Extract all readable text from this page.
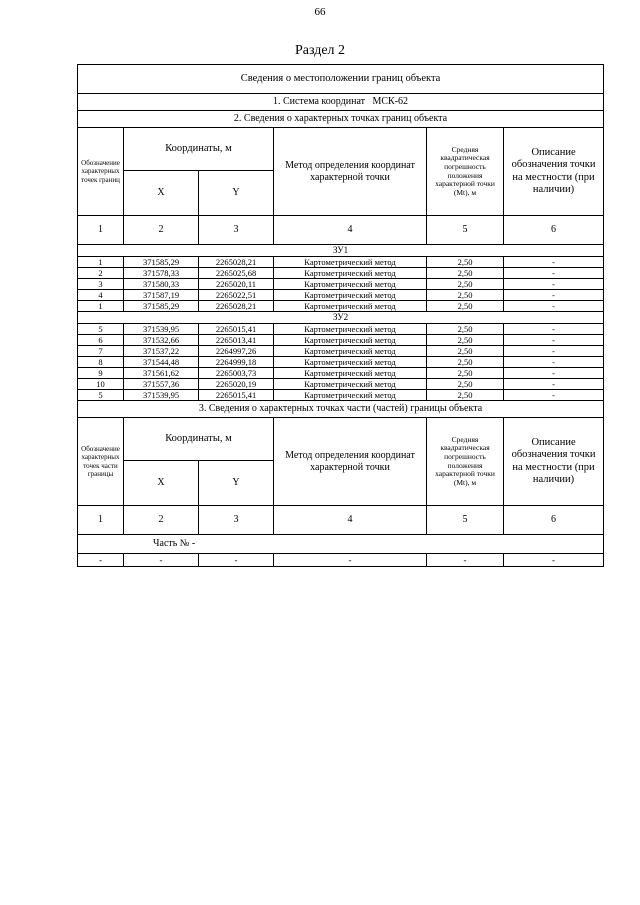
66
Раздел 2
Сведения о местоположении границ объекта					
1. Система координат МСК-62					
2. Сведения о характерных точках границ объекта					
Обозначение характерных точек границ	Координаты, м		Метод определения координат характерной точки	Средняя квадратическая погрешность положения характерной точки (Mt), м	Описание обозначения точки на местности (при наличии)
	X	Y			
1	2	3	4	5	6
ЗУ1					
1	371585,29	2265028,21	Картометрический метод	2,50	-
2	371578,33	2265025,68	Картометрический метод	2,50	-
3	371580,33	2265020,11	Картометрический метод	2,50	-
4	371587,19	2265022,51	Картометрический метод	2,50	-
1	371585,29	2265028,21	Картометрический метод	2,50	-
ЗУ2					
5	371539,95	2265015,41	Картометрический метод	2,50	-
6	371532,66	2265013,41	Картометрический метод	2,50	-
7	371537,22	2264997,26	Картометрический метод	2,50	-
8	371544,48	2264999,18	Картометрический метод	2,50	-
9	371561,62	2265003,73	Картометрический метод	2,50	-
10	371557,36	2265020,19	Картометрический метод	2,50	-
5	371539,95	2265015,41	Картометрический метод	2,50	-
3. Сведения о характерных точках части (частей) границы объекта					
Обозначение характерных точек части границы	Координаты, м		Метод определения координат характерной точки	Средняя квадратическая погрешность положения характерной точки (Mt), м	Описание обозначения точки на местности (при наличии)
	X	Y			
1	2	3	4	5	6
Часть № -					
-	-	-	-	-	-
